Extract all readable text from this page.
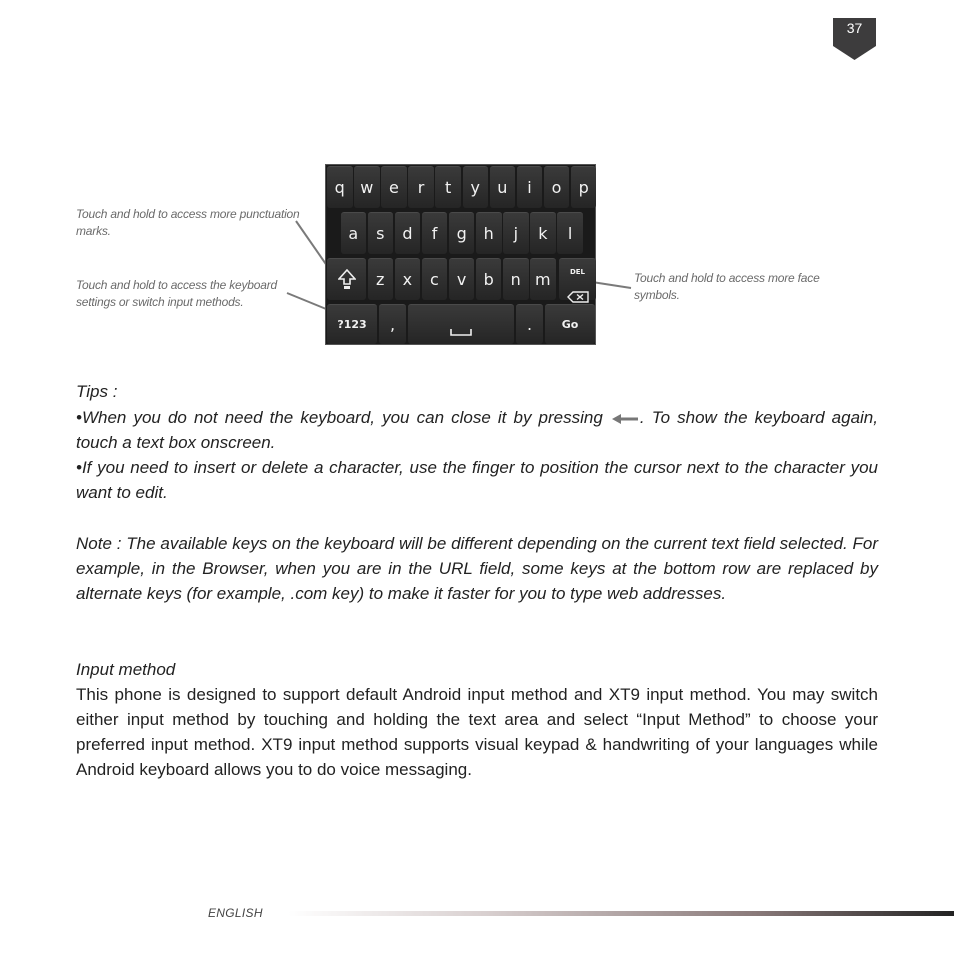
37
Touch and hold to access more punctuation marks.
Touch and hold to access the keyboard settings or switch input methods.
Touch and hold to access more face symbols.
q w e	r	t	y	u	i	o	p
a	s	d	f	g	h	j	k	l
z	x	c	v	b	n m	DEL
?123	,	.	Go
Tips :
•When you do not need the keyboard, you can close it by pressing . To show the keyboard again, touch a text box onscreen.
•If you need to insert or delete a character, use the finger to position the cursor next to the character you want to edit.
Note : The available keys on the keyboard will be different depending on the current text field selected. For example, in the Browser, when you are in the URL field, some keys at the bottom row are replaced by alternate keys (for example, .com key) to make it faster for you to type web addresses.
Input method
This phone is designed to support default Android input method and XT9 input method. You may switch either input method by touching and holding the text area and select “Input Method” to choose your preferred input method. XT9 input method supports visual keypad & handwriting of your languages while Android keyboard allows you to do voice messaging.
ENGLISH
